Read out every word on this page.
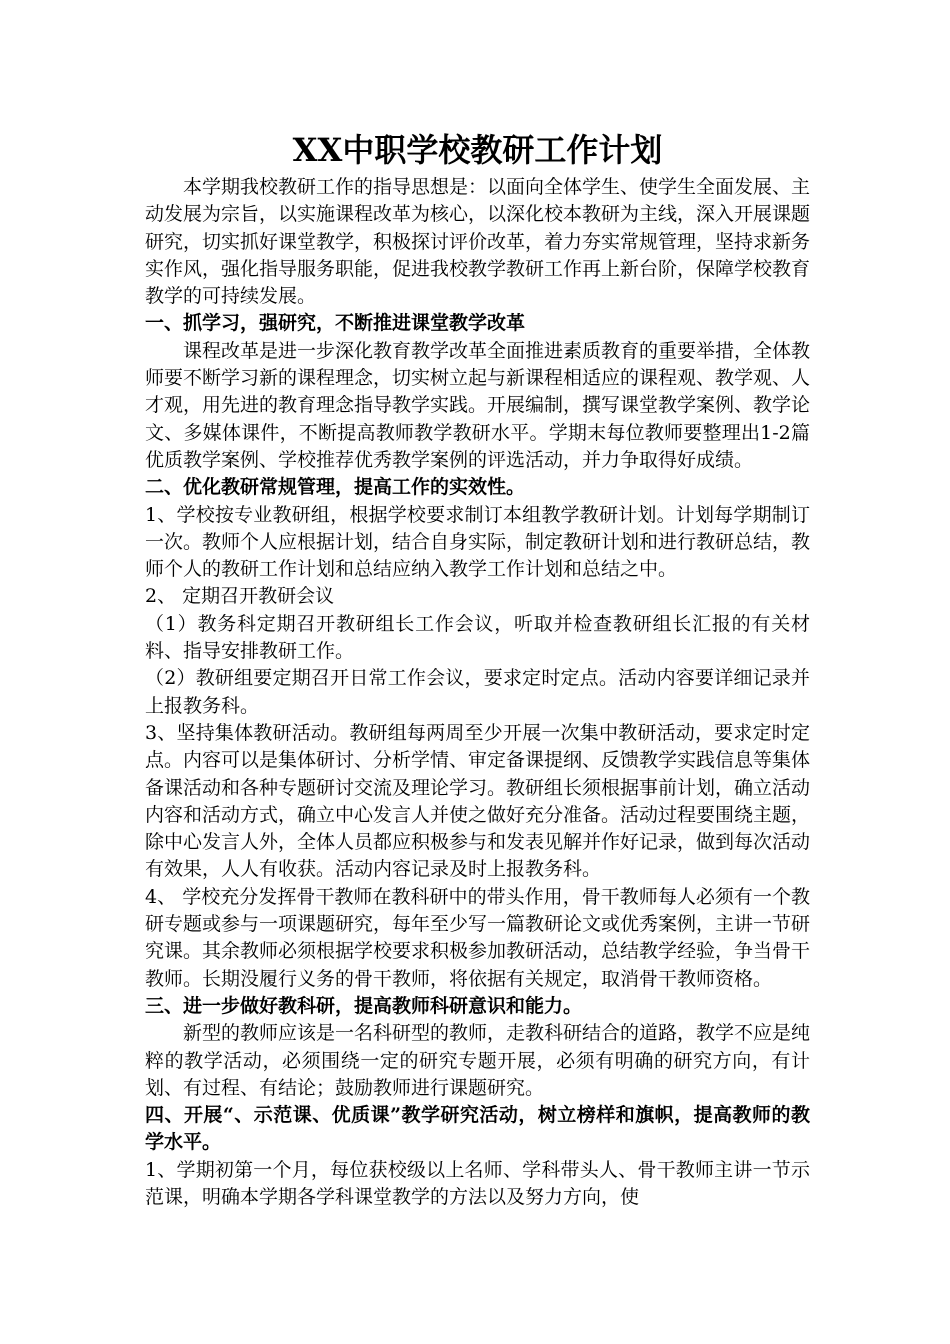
XX中职学校教研工作计划

本学期我校教研工作的指导思想是：以面向全体学生、使学生全面发展、主动发展为宗旨，以实施课程改革为核心，以深化校本教研为主线，深入开展课题研究，切实抓好课堂教学，积极探讨评价改革，着力夯实常规管理，坚持求新务实作风，强化指导服务职能，促进我校教学教研工作再上新台阶，保障学校教育教学的可持续发展。

一、抓学习，强研究，不断推进课堂教学改革

课程改革是进一步深化教育教学改革全面推进素质教育的重要举措，全体教师要不断学习新的课程理念，切实树立起与新课程相适应的课程观、教学观、人才观，用先进的教育理念指导教学实践。开展编制，撰写课堂教学案例、教学论文、多媒体课件，不断提高教师教学教研水平。学期末每位教师要整理出1-2篇优质教学案例、学校推荐优秀教学案例的评选活动，并力争取得好成绩。

二、优化教研常规管理，提高工作的实效性。

1、学校按专业教研组，根据学校要求制订本组教学教研计划。计划每学期制订一次。教师个人应根据计划，结合自身实际，制定教研计划和进行教研总结，教师个人的教研工作计划和总结应纳入教学工作计划和总结之中。

2、 定期召开教研会议

（1）教务科定期召开教研组长工作会议，听取并检查教研组长汇报的有关材料、指导安排教研工作。

（2）教研组要定期召开日常工作会议，要求定时定点。活动内容要详细记录并上报教务科。

3、坚持集体教研活动。教研组每两周至少开展一次集中教研活动，要求定时定点。内容可以是集体研讨、分析学情、审定备课提纲、反馈教学实践信息等集体备课活动和各种专题研讨交流及理论学习。教研组长须根据事前计划，确立活动内容和活动方式，确立中心发言人并使之做好充分准备。活动过程要围绕主题，除中心发言人外，全体人员都应积极参与和发表见解并作好记录，做到每次活动有效果，人人有收获。活动内容记录及时上报教务科。

4、 学校充分发挥骨干教师在教科研中的带头作用，骨干教师每人必须有一个教研专题或参与一项课题研究，每年至少写一篇教研论文或优秀案例，主讲一节研究课。其余教师必须根据学校要求积极参加教研活动，总结教学经验，争当骨干教师。长期没履行义务的骨干教师，将依据有关规定，取消骨干教师资格。

三、进一步做好教科研，提高教师科研意识和能力。

新型的教师应该是一名科研型的教师，走教科研结合的道路，教学不应是纯粹的教学活动，必须围绕一定的研究专题开展，必须有明确的研究方向，有计划、有过程、有结论；鼓励教师进行课题研究。

四、开展“、示范课、优质课”教学研究活动，树立榜样和旗帜，提高教师的教学水平。

1、学期初第一个月，每位获校级以上名师、学科带头人、骨干教师主讲一节示范课，明确本学期各学科课堂教学的方法以及努力方向，使
